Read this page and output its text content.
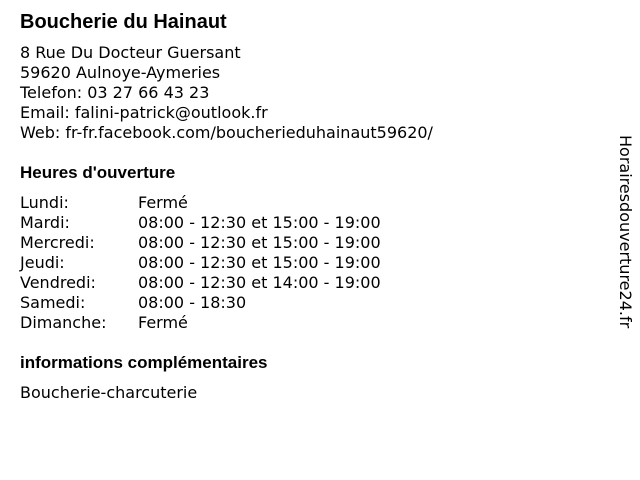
Boucherie du Hainaut
8 Rue Du Docteur Guersant
59620 Aulnoye-Aymeries
Telefon: 03 27 66 43 23
Email: falini-patrick@outlook.fr
Web: fr-fr.facebook.com/boucherieduhainaut59620/
Heures d'ouverture
Lundi:	Fermé
Mardi:	08:00 - 12:30 et 15:00 - 19:00
Mercredi:	08:00 - 12:30 et 15:00 - 19:00
Jeudi:	08:00 - 12:30 et 15:00 - 19:00
Vendredi:	08:00 - 12:30 et 14:00 - 19:00
Samedi:	08:00 - 18:30
Dimanche:	Fermé
informations complémentaires
Boucherie-charcuterie
Horairesdouverture24.fr
